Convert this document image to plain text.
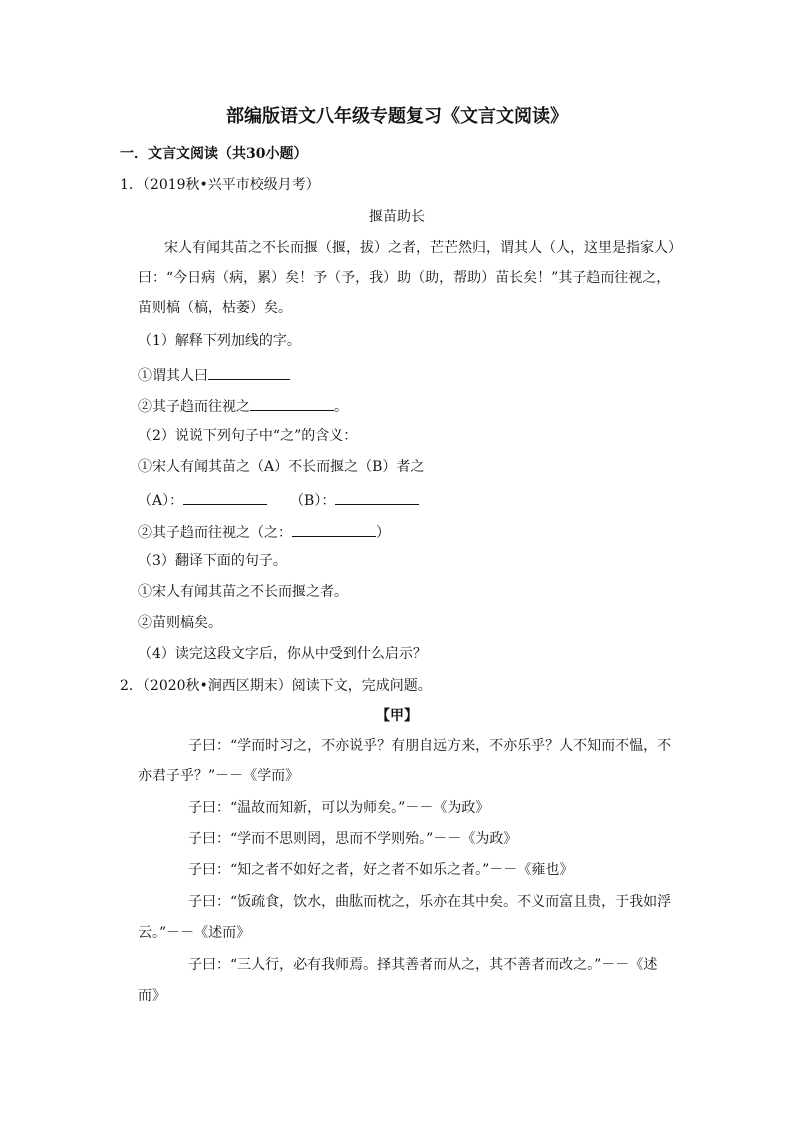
部编版语文八年级专题复习《文言文阅读》
一．文言文阅读（共30小题）
1．（2019秋•兴平市校级月考）
揠苗助长
宋人有闻其苗之不长而揠（揠，拔）之者，芒芒然归，谓其人（人，这里是指家人）
曰：“今日病（病，累）矣！予（予，我）助（助，帮助）苗长矣！”其子趋而往视之，
苗则槁（槁，枯萎）矣。
（1）解释下列加线的字。
①谓其人曰
②其子趋而往视之	。
（2）说说下列句子中“之”的含义：
①宋人有闻其苗之（A）不长而揠之（B）者之
（A）：	（B）：
②其子趋而往视之（之：	）
（3）翻译下面的句子。
①宋人有闻其苗之不长而揠之者。
②苗则槁矣。
（4）读完这段文字后，你从中受到什么启示？
2．（2020秋•涧西区期末）阅读下文，完成问题。
【甲】
子曰：“学而时习之，不亦说乎？有朋自远方来，不亦乐乎？人不知而不愠，不
亦君子乎？”－－《学而》
子曰：“温故而知新，可以为师矣。”－－《为政》
子曰：“学而不思则罔，思而不学则殆。”－－《为政》
子曰：“知之者不如好之者，好之者不如乐之者。”－－《雍也》
子曰：“饭疏食，饮水，曲肱而枕之，乐亦在其中矣。不义而富且贵，于我如浮
云。”－－《述而》
子曰：“三人行，必有我师焉。择其善者而从之，其不善者而改之。”－－《述
而》
